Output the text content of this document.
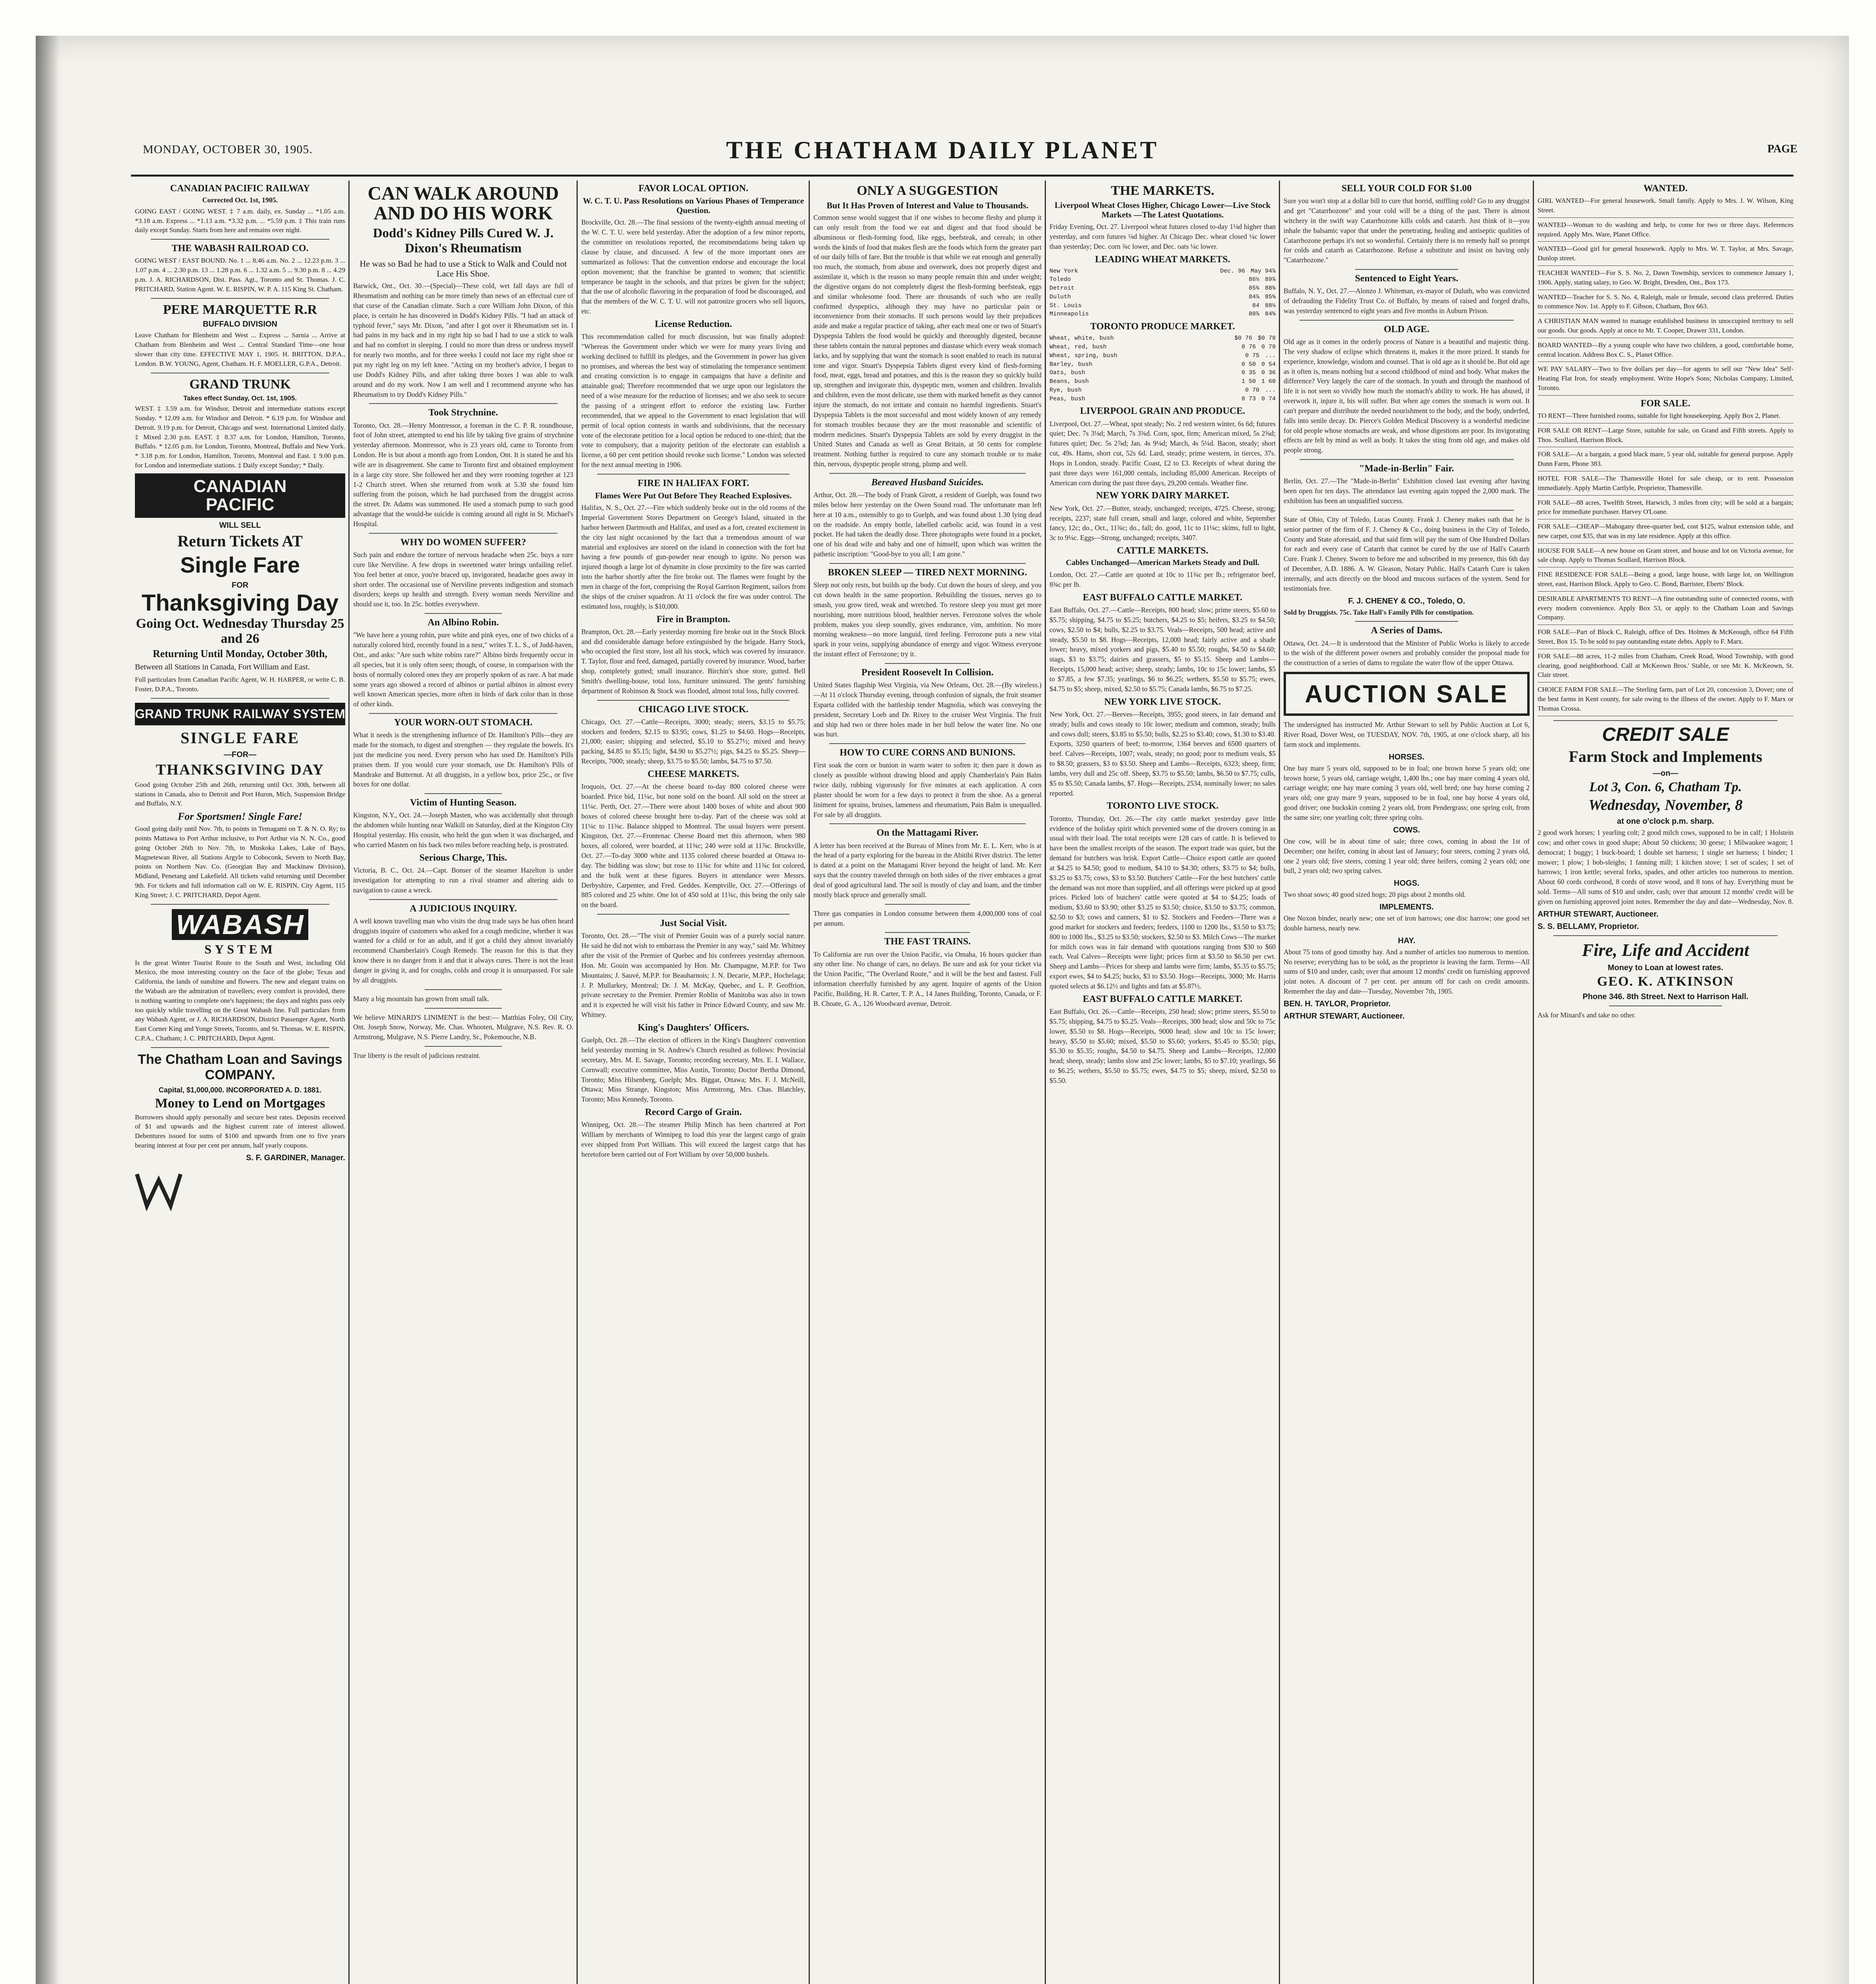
MONDAY, OCTOBER 30, 1905.	THE CHATHAM DAILY PLANET	PAGE
CANADIAN PACIFIC RAILWAY
Corrected Oct. 1st, 1905.

GOING EAST / GOING WEST. ‡ 7 a.m. daily, ex. Sunday ... *1.05 a.m. *3.18 a.m. Express ... *1.13 a.m. *3.32 p.m. ... *5.59 p.m. ‡ This train runs daily except Sunday. Starts from here and remains over night.

THE WABASH RAILROAD CO.

GOING WEST / EAST BOUND. No. 1 ... 8.46 a.m. No. 2 ... 12.23 p.m. 3 ... 1.07 p.m. 4 ... 2.30 p.m. 13 ... 1.28 p.m. 6 ... 1.32 a.m. 5 ... 9.30 p.m. 8 ... 4.29 p.m. J. A. RICHARDSON, Dist. Pass. Agt., Toronto and St. Thomas. J. C. PRITCHARD, Station Agent. W. E. RISPIN, W. P. A. 115 King St. Chatham.

PERE MARQUETTE R.R
BUFFALO DIVISION

Leave Chatham for Blenheim and West ... Express ... Sarnia ... Arrive at Chatham from Blenheim and West ... Central Standard Time—one hour slower than city time. EFFECTIVE MAY 1, 1905. H. BRITTON, D.P.A., London. B.W. YOUNG, Agent, Chatham. H. F. MOELLER, G.P.A., Detroit.

GRAND TRUNK
Takes effect Sunday, Oct. 1st, 1905.

WEST. ‡ 3.59 a.m. for Windsor, Detroit and intermediate stations except Sunday. * 12.09 a.m. for Windsor and Detroit. * 6.19 p.m. for Windsor and Detroit. 9.19 p.m. for Detroit, Chicago and west. International Limited daily. ‡ Mixed 2.30 p.m. EAST. ‡ 8.37 a.m. for London, Hamilton, Toronto, Buffalo. * 12.05 p.m. for London, Toronto, Montreal, Buffalo and New York. * 3.18 p.m. for London, Hamilton, Toronto, Montreal and East. ‡ 9.00 p.m. for London and intermediate stations. ‡ Daily except Sunday; * Daily.

CANADIAN
PACIFIC
WILL SELL
Return Tickets AT
Single Fare
FOR
Thanksgiving Day
Going Oct. Wednesday Thursday 25 and 26
Returning Until Monday, October 30th,

Between all Stations in Canada, Fort William and East.

Full particulars from Canadian Pacific Agent, W. H. HARPER, or write C. B. Foster, D.P.A., Toronto.

GRAND TRUNK RAILWAY SYSTEM
SINGLE FARE
—FOR—
THANKSGIVING DAY

Good going October 25th and 26th, returning until Oct. 30th, between all stations in Canada, also to Detroit and Port Huron, Mich, Suspension Bridge and Buffalo, N.Y.

For Sportsmen! Single Fare!

Good going daily until Nov. 7th, to points in Temagami on T. & N. O. Ry; to points Mattawa to Port Arthur inclusive, to Port Arthur via N. N. Co., good going October 26th to Nov. 7th, to Muskoka Lakes, Lake of Bays, Magnetewan River, all Stations Argyle to Coboconk, Severn to North Bay, points on Northern Nav. Co. (Georgian Bay and Mackinaw Division), Midland, Penetang and Lakefield. All tickets valid returning until December 9th. For tickets and full information call on W. E. RISPIN, City Agent, 115 King Street; J. C. PRITCHARD, Depot Agent.

WABASH
SYSTEM

Is the great Winter Tourist Route to the South and West, including Old Mexico, the most interesting country on the face of the globe; Texas and California, the lands of sunshine and flowers. The new and elegant trains on the Wabash are the admiration of travellers; every comfort is provided, there is nothing wanting to complete one's happiness; the days and nights pass only too quickly while travelling on the Great Wabash line. Full particulars from any Wabash Agent, or J. A. RICHARDSON, District Passenger Agent, North East Corner King and Yonge Streets, Toronto, and St. Thomas. W. E. RISPIN, C.P.A., Chatham; J. C. PRITCHARD, Depot Agent.

The Chatham Loan and Savings COMPANY.
Capital, $1,000,000. INCORPORATED A. D. 1881.
Money to Lend on Mortgages

Borrowers should apply personally and secure best rates. Deposits received of $1 and upwards and the highest current rate of interest allowed. Debentures issued for sums of $100 and upwards from one to five years bearing interest at four per cent per annum, half yearly coupons.

S. F. GARDINER, Manager.
CAN WALK AROUND AND DO HIS WORK
Dodd's Kidney Pills Cured W. J. Dixon's Rheumatism
He was so Bad he had to use a Stick to Walk and Could not Lace His Shoe.

Barwick, Ont., Oct. 30.—(Special)—These cold, wet fall days are full of Rheumatism and nothing can be more timely than news of an effectual cure of that curse of the Canadian climate. Such a cure William John Dixon, of this place, is certain he has discovered in Dodd's Kidney Pills. "I had an attack of typhoid fever," says Mr. Dixon, "and after I got over it Rheumatism set in. I had pains in my back and in my right hip so bad I had to use a stick to walk and had no comfort in sleeping. I could no more than dress or undress myself for nearly two months, and for three weeks I could not lace my right shoe or put my right leg on my left knee. "Acting on my brother's advice, I began to use Dodd's Kidney Pills, and after taking three boxes I was able to walk around and do my work. Now I am well and I recommend anyone who has Rheumatism to try Dodd's Kidney Pills."

Took Strychnine.

Toronto, Oct. 28.—Henry Montressor, a foreman in the C. P. R. roundhouse, foot of John street, attempted to end his life by taking five grains of strychnine yesterday afternoon. Montressor, who is 23 years old, came to Toronto from London. He is but about a month ago from London, Ont. It is stated he and his wife are in disagreement. She came to Toronto first and obtained employment in a large city store. She followed her and they were rooming together at 123 1-2 Church street. When she returned from work at 5.30 she found him suffering from the poison, which he had purchased from the druggist across the street. Dr. Adams was summoned. He used a stomach pump to such good advantage that the would-be suicide is coming around all right in St. Michael's Hospital.

WHY DO WOMEN SUFFER?

Such pain and endure the torture of nervous headache when 25c. buys a sure cure like Nerviline. A few drops in sweetened water brings unfailing relief. You feel better at once, you're braced up, invigorated, headache goes away in short order. The occasional use of Nerviline prevents indigestion and stomach disorders; keeps up health and strength. Every woman needs Nerviline and should use it, too. In 25c. bottles everywhere.

An Albino Robin.

"We have here a young robin, pure white and pink eyes, one of two chicks of a naturally colored bird, recently found in a nest," writes T. L. S., of Judd-haven, Ont., and asks: "Are such white robins rare?" Albino birds frequently occur in all species, but it is only often seen; though, of course, in comparison with the hosts of normally colored ones they are properly spoken of as rare. A bat made some years ago showed a record of albinos or partial albinos in almost every well known American species, more often in birds of dark color than in those of other kinds.

YOUR WORN-OUT STOMACH.

What it needs is the strengthening influence of Dr. Hamilton's Pills—they are made for the stomach, to digest and strengthen — they regulate the bowels. It's just the medicine you need. Every person who has used Dr. Hamilton's Pills praises them. If you would cure your stomach, use Dr. Hamilton's Pills of Mandrake and Butternut. At all druggists, in a yellow box, price 25c., or five boxes for one dollar.

Victim of Hunting Season.

Kingston, N.Y., Oct. 24.—Joseph Masten, who was accidentally shot through the abdomen while hunting near Walkill on Saturday, died at the Kingston City Hospital yesterday. His cousin, who held the gun when it was discharged, and who carried Masten on his back two miles before reaching help, is prostrated.

Serious Charge, This.

Victoria, B. C., Oct. 24.—Capt. Bonser of the steamer Hazelton is under investigation for attempting to run a rival steamer and altering aids to navigation to cause a wreck.

A JUDICIOUS INQUIRY.

A well known travelling man who visits the drug trade says he has often heard druggists inquire of customers who asked for a cough medicine, whether it was wanted for a child or for an adult, and if got a child they almost invariably recommend Chamberlain's Cough Remedy. The reason for this is that they know there is no danger from it and that it always cures. There is not the least danger in giving it, and for coughs, colds and croup it is unsurpassed. For sale by all druggists.

Many a big mountain has grown from small talk.

We believe MINARD'S LINIMENT is the best:— Matthias Foley, Oil City, Ont. Joseph Snow, Norway, Me. Chas. Whooten, Mulgrave, N.S. Rev. R. O. Armstrong, Mulgrave, N.S. Pierre Landry, Sr., Pokemouche, N.B.

True liberty is the result of judicious restraint.

FAVOR LOCAL OPTION.
W. C. T. U. Pass Resolutions on Various Phases of Temperance Question.

Brockville, Oct. 28.—The final sessions of the twenty-eighth annual meeting of the W. C. T. U. were held yesterday. After the adoption of a few minor reports, the committee on resolutions reported, the recommendations being taken up clause by clause, and discussed. A few of the more important ones are summarized as follows: That the convention endorse and encourage the local option movement; that the franchise be granted to women; that scientific temperance be taught in the schools, and that prizes be given for the subject; that the use of alcoholic flavoring in the preparation of food be discouraged, and that the members of the W. C. T. U. will not patronize grocers who sell liquors, etc.

License Reduction.

This recommendation called for much discussion, but was finally adopted: "Whereas the Government under which we were for many years living and working declined to fulfill its pledges, and the Government in power has given no promises, and whereas the best way of stimulating the temperance sentiment and creating conviction is to engage in campaigns that have a definite and attainable goal; Therefore recommended that we urge upon our legislators the need of a wise measure for the reduction of licenses; and we also seek to secure the passing of a stringent effort to enforce the existing law. Further recommended, that we appeal to the Government to enact legislation that will permit of local option contests in wards and subdivisions, that the necessary vote of the electorate petition for a local option be reduced to one-third; that the vote to compulsory, that a majority petition of the electorate can establish a license, a 60 per cent petition should revoke such license." London was selected for the next annual meeting in 1906.

FIRE IN HALIFAX FORT.
Flames Were Put Out Before They Reached Explosives.

Halifax, N. S., Oct. 27.—Fire which suddenly broke out in the old rooms of the Imperial Government Stores Department on George's Island, situated in the harbor between Dartmouth and Halifax, and used as a fort, created excitement in the city last night occasioned by the fact that a tremendous amount of war material and explosives are stored on the island in connection with the fort but having a few pounds of gun-powder near enough to ignite. No person was injured though a large lot of dynamite in close proximity to the fire was carried into the harbor shortly after the fire broke out. The flames were fought by the men in charge of the fort, comprising the Royal Garrison Regiment, sailors from the ships of the cruiser squadron. At 11 o'clock the fire was under control. The estimated loss, roughly, is $10,000.

Fire in Brampton.

Brampton, Oct. 28.—Early yesterday morning fire broke out in the Stock Block and did considerable damage before extinguished by the brigade. Harry Stock, who occupied the first store, lost all his stock, which was covered by insurance. T. Taylor, flour and feed, damaged, partially covered by insurance. Wood, barber shop, completely gutted; small insurance. Birchin's shoe store, gutted. Bell Smith's dwelling-house, total loss, furniture uninsured. The gents' furnishing department of Robinson & Stock was flooded, almost total loss, fully covered.

CHICAGO LIVE STOCK.

Chicago, Oct. 27.—Cattle—Receipts, 3000; steady; steers, $3.15 to $5.75; stockers and feeders, $2.15 to $3.95; cows, $1.25 to $4.60. Hogs—Receipts, 21,000; easier; shipping and selected, $5.10 to $5.27½; mixed and heavy packing, $4.85 to $5.15; light, $4.90 to $5.27½; pigs, $4.25 to $5.25. Sheep—Receipts, 7000; steady; sheep, $3.75 to $5.50; lambs, $4.75 to $7.50.

CHEESE MARKETS.

Iroquois, Oct. 27.—At the cheese board to-day 800 colored cheese were boarded. Price bid, 11¼c, but none sold on the board. All sold on the street at 11¼c. Perth, Oct. 27.—There were about 1400 boxes of white and about 900 boxes of colored cheese brought here to-day. Part of the cheese was sold at 11¼c to 11⅜c. Balance shipped to Montreal. The usual buyers were present. Kingston, Oct. 27.—Frontenac Cheese Board met this afternoon, when 980 boxes, all colored, were boarded, at 11¾c; 240 were sold at 11⅞c. Brockville, Oct. 27.—To-day 3000 white and 1135 colored cheese boarded at Ottawa to-day. The bidding was slow; but rose to 11¾c for white and 11¾c for colored, and the bulk went at these figures. Buyers in attendance were Messrs. Derbyshire, Carpenter, and Fred. Geddes. Kemptville, Oct. 27.—Offerings of 885 colored and 25 white. One lot of 450 sold at 11¾c, this being the only sale on the board.

Just Social Visit.

Toronto, Oct. 28.—"The visit of Premier Gouin was of a purely social nature. He said he did not wish to embarrass the Premier in any way," said Mr. Whitney after the visit of the Premier of Quebec and his conferees yesterday afternoon. Hon. Mr. Gouin was accompanied by Hon. Mr. Champagne, M.P.P. for Two Mountains; J. Sauvé, M.P.P. for Beauharnois; J. N. Decarie, M.P.P., Hochelaga; J. P. Mullarkey, Montreal; Dr. J. M. McKay, Quebec, and L. P. Geoffrion, private secretary to the Premier. Premier Roblin of Manitoba was also in town and it is expected he will visit his father in Prince Edward County, and saw Mr. Whitney.

King's Daughters' Officers.

Guelph, Oct. 28.—The election of officers in the King's Daughters' convention held yesterday morning in St. Andrew's Church resulted as follows: Provincial secretary, Mrs. M. E. Savage, Toronto; recording secretary, Mrs. E. I. Wallace, Cornwall; executive committee, Miss Austin, Toronto; Doctor Bertha Dimond, Toronto; Miss Hilsenberg, Guelph; Mrs. Biggar, Ottawa; Mrs. F. J. McNeill, Ottawa; Miss Strange, Kingston; Miss Armstrong, Mrs. Chas. Blatchley, Toronto; Miss Kennedy, Toronto.

Record Cargo of Grain.

Winnipeg, Oct. 28.—The steamer Philip Minch has been chartered at Port William by merchants of Winnipeg to load this year the largest cargo of grain ever shipped from Port William. This will exceed the largest cargo that has heretofore been carried out of Fort William by over 50,000 bushels.

ONLY A SUGGESTION
But It Has Proven of Interest and Value to Thousands.

Common sense would suggest that if one wishes to become fleshy and plump it can only result from the food we eat and digest and that food should be albuminous or flesh-forming food, like eggs, beefsteak, and cereals; in other words the kinds of food that makes flesh are the foods which form the greater part of our daily bills of fare. But the trouble is that while we eat enough and generally too much, the stomach, from abuse and overwork, does not properly digest and assimilate it, which is the reason so many people remain thin and under weight; the digestive organs do not completely digest the flesh-forming beefsteak, eggs and similar wholesome food. There are thousands of such who are really confirmed dyspeptics, although they may have no particular pain or inconvenience from their stomachs. If such persons would lay their prejudices aside and make a regular practice of taking, after each meal one or two of Stuart's Dyspepsia Tablets the food would be quickly and thoroughly digested, because these tablets contain the natural peptones and diastase which every weak stomach lacks, and by supplying that want the stomach is soon enabled to reach its natural tone and vigor. Stuart's Dyspepsia Tablets digest every kind of flesh-forming food, meat, eggs, bread and potatoes, and this is the reason they so quickly build up, strengthen and invigorate thin, dyspeptic men, women and children. Invalids and children, even the most delicate, use them with marked benefit as they cannot injure the stomach, do not irritate and contain no harmful ingredients. Stuart's Dyspepsia Tablets is the most successful and most widely known of any remedy for stomach troubles because they are the most reasonable and scientific of modern medicines. Stuart's Dyspepsia Tablets are sold by every druggist in the United States and Canada as well as Great Britain, at 50 cents for complete treatment. Nothing further is required to cure any stomach trouble or to make thin, nervous, dyspeptic people strong, plump and well.

Bereaved Husband Suicides.

Arthur, Oct. 28.—The body of Frank Girott, a resident of Guelph, was found two miles below here yesterday on the Owen Sound road. The unfortunate man left here at 10 a.m., ostensibly to go to Guelph, and was found about 1.30 lying dead on the roadside. An empty bottle, labelled carbolic acid, was found in a vest pocket. He had taken the deadly dose. Three photographs were found in a pocket, one of his dead wife and baby and one of himself, upon which was written the pathetic inscription: "Good-bye to you all; I am gone."

BROKEN SLEEP — TIRED NEXT MORNING.

Sleep not only rests, but builds up the body. Cut down the hours of sleep, and you cut down health in the same proportion. Rebuilding the tissues, nerves go to smash, you grow tired, weak and wretched. To restore sleep you must get more nourishing, more nutritious blood, healthier nerves. Ferrozone solves the whole problem, makes you sleep soundly, gives endurance, vim, ambition. No more morning weakness—no more languid, tired feeling. Ferrozone puts a new vital spark in your veins, supplying abundance of energy and vigor. Witness everyone the instant effect of Ferrozone; try it.

President Roosevelt In Collision.

United States flagship West Virginia, via New Orleans, Oct. 28.—(By wireless.)—At 11 o'clock Thursday evening, through confusion of signals, the fruit steamer Esparta collided with the battleship tender Magnolia, which was conveying the president, Secretary Loeb and Dr. Rixey to the cruiser West Virginia. The fruit and ship had two or three holes made in her hull below the water line. No one was hurt.

HOW TO CURE CORNS AND BUNIONS.

First soak the corn or bunion in warm water to soften it; then pare it down as closely as possible without drawing blood and apply Chamberlain's Pain Balm twice daily, rubbing vigorously for five minutes at each application. A corn plaster should be worn for a few days to protect it from the shoe. As a general liniment for sprains, bruises, lameness and rheumatism, Pain Balm is unequalled. For sale by all druggists.

On the Mattagami River.

A letter has been received at the Bureau of Mines from Mr. E. L. Kerr, who is at the head of a party exploring for the bureau in the Abitibi River district. The letter is dated at a point on the Mattagami River beyond the height of land. Mr. Kerr says that the country traveled through on both sides of the river embraces a great deal of good agricultural land. The soil is mostly of clay and loam, and the timber mostly black spruce and generally small.

Three gas companies in London consume between them 4,000,000 tons of coal per annum.

THE FAST TRAINS.

To California are run over the Union Pacific, via Omaha, 16 hours quicker than any other line. No change of cars, no delays. Be sure and ask for your ticket via the Union Pacific, "The Overland Route," and it will be the best and fastest. Full information cheerfully furnished by any agent. Inquire of agents of the Union Pacific, Building, H. R. Carter, T. P. A., 14 Janes Building, Toronto, Canada, or F. B. Choate, G. A., 126 Woodward avenue, Detroit.

THE MARKETS.
Liverpool Wheat Closes Higher, Chicago Lower—Live Stock Markets —The Latest Quotations.

Friday Evening, Oct. 27. Liverpool wheat futures closed to-day 1⅛d higher than yesterday, and corn futures ⅛d higher. At Chicago Dec. wheat closed ¼c lower than yesterday; Dec. corn ¾c lower, and Dec. oats ¼c lower.

LEADING WHEAT MARKETS.
New York	Dec. 96 May 94⅞
Toledo	86½ 89⅞
Detroit	85¾ 88¾
Duluth	84⅞ 85⅝
St. Louis	84 88¼
Minneapolis	80⅞ 84⅝
TORONTO PRODUCE MARKET.
Wheat, white, bush	$0 76 $0 79
Wheat, red, bush	0 76 0 79
Wheat, spring, bush	0 75 ...
Barley, bush	0 50 0 54
Oats, bush	0 35 0 36
Beans, bush	1 50 1 60
Rye, bush	0 70 ...
Peas, bush	0 73 0 74
LIVERPOOL GRAIN AND PRODUCE.

Liverpool, Oct. 27.—Wheat, spot steady; No. 2 red western winter, 6s 6d; futures quiet; Dec. 7s 3⅛d; March, 7s 3¾d. Corn, spot, firm; American mixed, 5s 2⅝d; futures quiet; Dec. 5s 2⅞d; Jan. 4s 9⅛d; March, 4s 5¼d. Bacon, steady; short cut, 49s. Hams, short cut, 52s 6d. Lard, steady; prime western, in tierces, 37s. Hops in London, steady. Pacific Coast, £2 to £3. Receipts of wheat during the past three days were 161,000 centals, including 85,000 American. Receipts of American corn during the past three days, 29,200 centals. Weather fine.

NEW YORK DAIRY MARKET.

New York, Oct. 27.—Butter, steady, unchanged; receipts, 4725. Cheese, strong; receipts, 2237; state full cream, small and large, colored and white, September fancy, 12c; do., Oct., 11¾c; do., fall; do. good, 11c to 11¼c; skims, full to light, 3c to 9¼c. Eggs—Strong, unchanged; receipts, 3407.

CATTLE MARKETS.
Cables Unchanged—American Markets Steady and Dull.

London, Oct. 27.—Cattle are quoted at 10c to 11¾c per lb.; refrigerator beef, 8¾c per lb.

EAST BUFFALO CATTLE MARKET.

East Buffalo, Oct. 27.—Cattle—Receipts, 800 head; slow; prime steers, $5.60 to $5.75; shipping, $4.75 to $5.25; butchers, $4.25 to $5; heifers, $3.25 to $4.50; cows, $2.50 to $4; bulls, $2.25 to $3.75. Veals—Receipts, 500 head; active and steady, $5.50 to $8. Hogs—Receipts, 12,000 head; fairly active and a shade lower; heavy, mixed yorkers and pigs, $5.40 to $5.50; roughs, $4.50 to $4.60; stags, $3 to $3.75; dairies and grassers, $5 to $5.15. Sheep and Lambs—Receipts, 15,000 head; active; sheep, steady; lambs, 10c to 15c lower; lambs, $5 to $7.85, a few $7.35; yearlings, $6 to $6.25; wethers, $5.50 to $5.75; ewes, $4.75 to $5; sheep, mixed, $2.50 to $5.75; Canada lambs, $6.75 to $7.25.

NEW YORK LIVE STOCK.

New York, Oct. 27.—Beeves—Receipts, 3955; good steers, in fair demand and steady; bulls and cows steady to 10c lower; medium and common, steady; bulls and cows dull; steers, $3.85 to $5.50; bulls, $2.25 to $3.40; cows, $1.30 to $3.40. Exports, 3250 quarters of beef; to-morrow, 1364 beeves and 6500 quarters of beef. Calves—Receipts, 1007; veals, steady; no good; poor to medium veals, $5 to $8.50; grassers, $3 to $3.50. Sheep and Lambs—Receipts, 6323; sheep, firm; lambs, very dull and 25c off. Sheep, $3.75 to $5.50; lambs, $6.50 to $7.75; culls, $5 to $5.50; Canada lambs, $7. Hogs—Receipts, 2534, nominally lower; no sales reported.

TORONTO LIVE STOCK.

Toronto, Thursday, Oct. 26.—The city cattle market yesterday gave little evidence of the holiday spirit which prevented some of the drovers coming in as usual with their load. The total receipts were 128 cars of cattle. It is believed to have been the smallest receipts of the season. The export trade was quiet, but the demand for butchers was brisk. Export Cattle—Choice export cattle are quoted at $4.25 to $4.50; good to medium, $4.10 to $4.30; others, $3.75 to $4; bulls, $3.25 to $3.75; cows, $3 to $3.50. Butchers' Cattle—For the best butchers' cattle the demand was not more than supplied, and all offerings were picked up at good prices. Picked lots of butchers' cattle were quoted at $4 to $4.25; loads of medium, $3.60 to $3.90; other $3.25 to $3.50; choice, $3.50 to $3.75; common, $2.50 to $3; cows and canners, $1 to $2. Stockers and Feeders—There was a good market for stockers and feeders; feeders, 1100 to 1200 lbs., $3.50 to $3.75; 800 to 1000 lbs., $3.25 to $3.50; stockers, $2.50 to $3. Milch Cows—The market for milch cows was in fair demand with quotations ranging from $30 to $60 each. Veal Calves—Receipts were light; prices firm at $3.50 to $6.50 per cwt. Sheep and Lambs—Prices for sheep and lambs were firm; lambs, $5.35 to $5.75; export ewes, $4 to $4.25; bucks, $3 to $3.50. Hogs—Receipts, 3000; Mr. Harris quoted selects at $6.12½ and lights and fats at $5.87½.

EAST BUFFALO CATTLE MARKET.

East Buffalo, Oct. 26.—Cattle—Receipts, 250 head; slow; prime steers, $5.50 to $5.75; shipping, $4.75 to $5.25. Veals—Receipts, 300 head; slow and 50c to 75c lower, $5.50 to $8. Hogs—Receipts, 9000 head; slow and 10c to 15c lower; heavy, $5.50 to $5.60; mixed, $5.50 to $5.60; yorkers, $5.45 to $5.50; pigs, $5.30 to $5.35; roughs, $4.50 to $4.75. Sheep and Lambs—Receipts, 12,000 head; sheep, steady; lambs slow and 25c lower; lambs, $5 to $7.10; yearlings, $6 to $6.25; wethers, $5.50 to $5.75; ewes, $4.75 to $5; sheep, mixed, $2.50 to $5.50.

SELL YOUR COLD FOR $1.00

Sure you won't stop at a dollar bill to cure that horrid, sniffling cold? Go to any druggist and get "Catarrhozone" and your cold will be a thing of the past. There is almost witchery in the swift way Catarrhozone kills colds and catarrh. Just think of it—you inhale the balsamic vapor that under the penetrating, healing and antiseptic qualities of Catarrhozone perhaps it's not so wonderful. Certainly there is no remedy half so prompt for colds and catarrh as Catarrhozone. Refuse a substitute and insist on having only "Catarrhozone."

Sentenced to Eight Years.

Buffalo, N. Y., Oct. 27.—Alonzo J. Whiteman, ex-mayor of Duluth, who was convicted of defrauding the Fidelity Trust Co. of Buffalo, by means of raised and forged drafts, was yesterday sentenced to eight years and five months in Auburn Prison.

OLD AGE.

Old age as it comes in the orderly process of Nature is a beautiful and majestic thing. The very shadow of eclipse which threatens it, makes it the more prized. It stands for experience, knowledge, wisdom and counsel. That is old age as it should be. But old age as it often is, means nothing but a second childhood of mind and body. What makes the difference? Very largely the care of the stomach. In youth and through the manhood of life it is not seen so vividly how much the stomach's ability to work. He has abused, if overwork it, injure it, his will suffer. But when age comes the stomach is worn out. It can't prepare and distribute the needed nourishment to the body, and the body, underfed, falls into senile decay. Dr. Pierce's Golden Medical Discovery is a wonderful medicine for old people whose stomachs are weak, and whose digestions are poor. Its invigorating effects are felt by mind as well as body. It takes the sting from old age, and makes old people strong.

"Made-in-Berlin" Fair.

Berlin, Oct. 27.—The "Made-in-Berlin" Exhibition closed last evening after having been open for ten days. The attendance last evening again topped the 2,000 mark. The exhibition has been an unqualified success.

State of Ohio, City of Toledo, Lucas County. Frank J. Cheney makes oath that he is senior partner of the firm of F. J. Cheney & Co., doing business in the City of Toledo, County and State aforesaid, and that said firm will pay the sum of One Hundred Dollars for each and every case of Catarrh that cannot be cured by the use of Hall's Catarrh Cure. Frank J. Cheney. Sworn to before me and subscribed in my presence, this 6th day of December, A.D. 1886. A. W. Gleason, Notary Public. Hall's Catarrh Cure is taken internally, and acts directly on the blood and mucous surfaces of the system. Send for testimonials free.

F. J. CHENEY & CO., Toledo, O.

Sold by Druggists. 75c. Take Hall's Family Pills for constipation.

A Series of Dams.

Ottawa, Oct. 24.—It is understood that the Minister of Public Works is likely to accede to the wish of the different power owners and probably consider the proposal made for the construction of a series of dams to regulate the water flow of the upper Ottawa.

AUCTION SALE

The undersigned has instructed Mr. Arthur Stewart to sell by Public Auction at Lot 6, River Road, Dover West, on TUESDAY, NOV. 7th, 1905, at one o'clock sharp, all his farm stock and implements.

HORSES.

One bay mare 5 years old, supposed to be in foal; one brown horse 5 years old; one brown horse, 5 years old, carriage weight, 1,400 lbs.; one bay mare coming 4 years old, carriage weight; one bay mare coming 3 years old, well bred; one bay horse coming 2 years old; one gray mare 9 years, supposed to be in foal, one bay horse 4 years old, good driver; one buckskin coming 2 years old, from Pendergrass; one spring colt, from the same sire; one yearling colt; three spring colts.

COWS.

One cow, will be in about time of sale; three cows, coming in about the 1st of December; one heifer, coming in about last of January; four steers, coming 2 years old, one 2 years old; five steers, coming 1 year old; three heifers, coming 2 years old; one bull, 2 years old; two spring calves.

HOGS.

Two shoat sows; 40 good sized hogs; 20 pigs about 2 months old.

IMPLEMENTS.

One Noxon binder, nearly new; one set of iron harrows; one disc harrow; one good set double harness, nearly new.

HAY.

About 75 tons of good timothy hay. And a number of articles too numerous to mention. No reserve; everything has to be sold, as the proprietor is leaving the farm. Terms—All sums of $10 and under, cash; over that amount 12 months' credit on furnishing approved joint notes. A discount of 7 per cent. per annum off for cash on credit amounts. Remember the day and date—Tuesday, November 7th, 1905.

BEN. H. TAYLOR, Proprietor.
ARTHUR STEWART, Auctioneer.
WANTED.

GIRL WANTED—For general housework. Small family. Apply to Mrs. J. W. Wilson, King Street.

WANTED—Woman to do washing and help, to come for two or three days. References required. Apply Mrs. Ware, Planet Office.

WANTED—Good girl for general housework. Apply to Mrs. W. T. Taylor, at Mrs. Savage, Dunlop street.

TEACHER WANTED—For S. S. No. 2, Dawn Township, services to commence January 1, 1906. Apply, stating salary, to Geo. W. Bright, Dresden, Ont., Box 173.

WANTED—Teacher for S. S. No. 4, Raleigh, male or female, second class preferred. Duties to commence Nov. 1st. Apply to F. Gibson, Chatham, Box 663.

A CHRISTIAN MAN wanted to manage established business in unoccupied territory to sell our goods. Our goods. Apply at once to Mr. T. Cooper, Drawer 331, London.

BOARD WANTED—By a young couple who have two children, a good, comfortable home, central location. Address Box C. S., Planet Office.

WE PAY SALARY—Two to five dollars per day—for agents to sell our "New Idea" Self-Heating Flat Iron, for steady employment. Write Hope's Sons; Nicholas Company, Limited, Toronto.

FOR SALE.

TO RENT—Three furnished rooms, suitable for light housekeeping. Apply Box 2, Planet.

FOR SALE OR RENT—Large Store, suitable for sale, on Grand and Fifth streets. Apply to Thos. Scullard, Harrison Block.

FOR SALE—At a bargain, a good black mare, 5 year old, suitable for general purpose. Apply Dunn Farm, Phone 383.

HOTEL FOR SALE—The Thamesville Hotel for sale cheap, or to rent. Possession immediately. Apply Martin Cartlyle, Proprietor, Thamesville.

FOR SALE—88 acres, Twelfth Street, Harwich, 3 miles from city; will be sold at a bargain; price for immediate purchaser. Harvey O'Loane.

FOR SALE—CHEAP—Mahogany three-quarter bed, cost $125, walnut extension table, and new carpet, cost $35, that was in my late residence. Apply at this office.

HOUSE FOR SALE—A new house on Grant street, and house and lot on Victoria avenue, for sale cheap. Apply to Thomas Scullard, Harrison Block.

FINE RESIDENCE FOR SALE—Being a good, large house, with large lot, on Wellington street, east, Harrison Block. Apply to Geo. C. Bond, Barrister, Eberts' Block.

DESIRABLE APARTMENTS TO RENT—A fine outstanding suite of connected rooms, with every modern convenience. Apply Box 53, or apply to the Chatham Loan and Savings Company.

FOR SALE—Part of Block C, Raleigh, office of Drs. Holmes & McKeough, office 64 Fifth Street, Box 15. To be sold to pay outstanding estate debts. Apply to F. Marx.

FOR SALE—88 acres, 11-2 miles from Chatham, Creek Road, Wood Township, with good clearing, good neighborhood. Call at McKeown Bros.' Stable, or see Mr. K. McKeown, St. Clair street.

CHOICE FARM FOR SALE—The Sterling farm, part of Lot 20, concession 3, Dover; one of the best farms in Kent county, for sale owing to the illness of the owner. Apply to F. Marx or Thomas Crossa.

CREDIT SALE
Farm Stock and Implements
—on—
Lot 3, Con. 6, Chatham Tp.
Wednesday, November, 8
at one o'clock p.m. sharp.

2 good work horses; 1 yearling colt; 2 good milch cows, supposed to be in calf; 1 Holstein cow; and other cows in good shape; About 50 chickens; 30 geese; 1 Milwaukee wagon; 1 democrat; 1 buggy; 1 buck-board; 1 double set harness; 1 single set harness; 1 binder; 1 mower; 1 plow; 1 bob-sleighs; 1 fanning mill; 1 kitchen stove; 1 set of scales; 1 set of harrows; 1 iron kettle; several forks, spades, and other articles too numerous to mention. About 60 cords cordwood, 8 cords of stove wood, and 8 tons of hay. Everything must be sold. Terms—All sums of $10 and under, cash; over that amount 12 months' credit will be given on furnishing approved joint notes. Remember the day and date—Wednesday, Nov. 8.

ARTHUR STEWART, Auctioneer.
S. S. BELLAMY, Proprietor.
Fire, Life and Accident
Money to Loan at lowest rates.
GEO. K. ATKINSON
Phone 346. 8th Street. Next to Harrison Hall.

Ask for Minard's and take no other.
